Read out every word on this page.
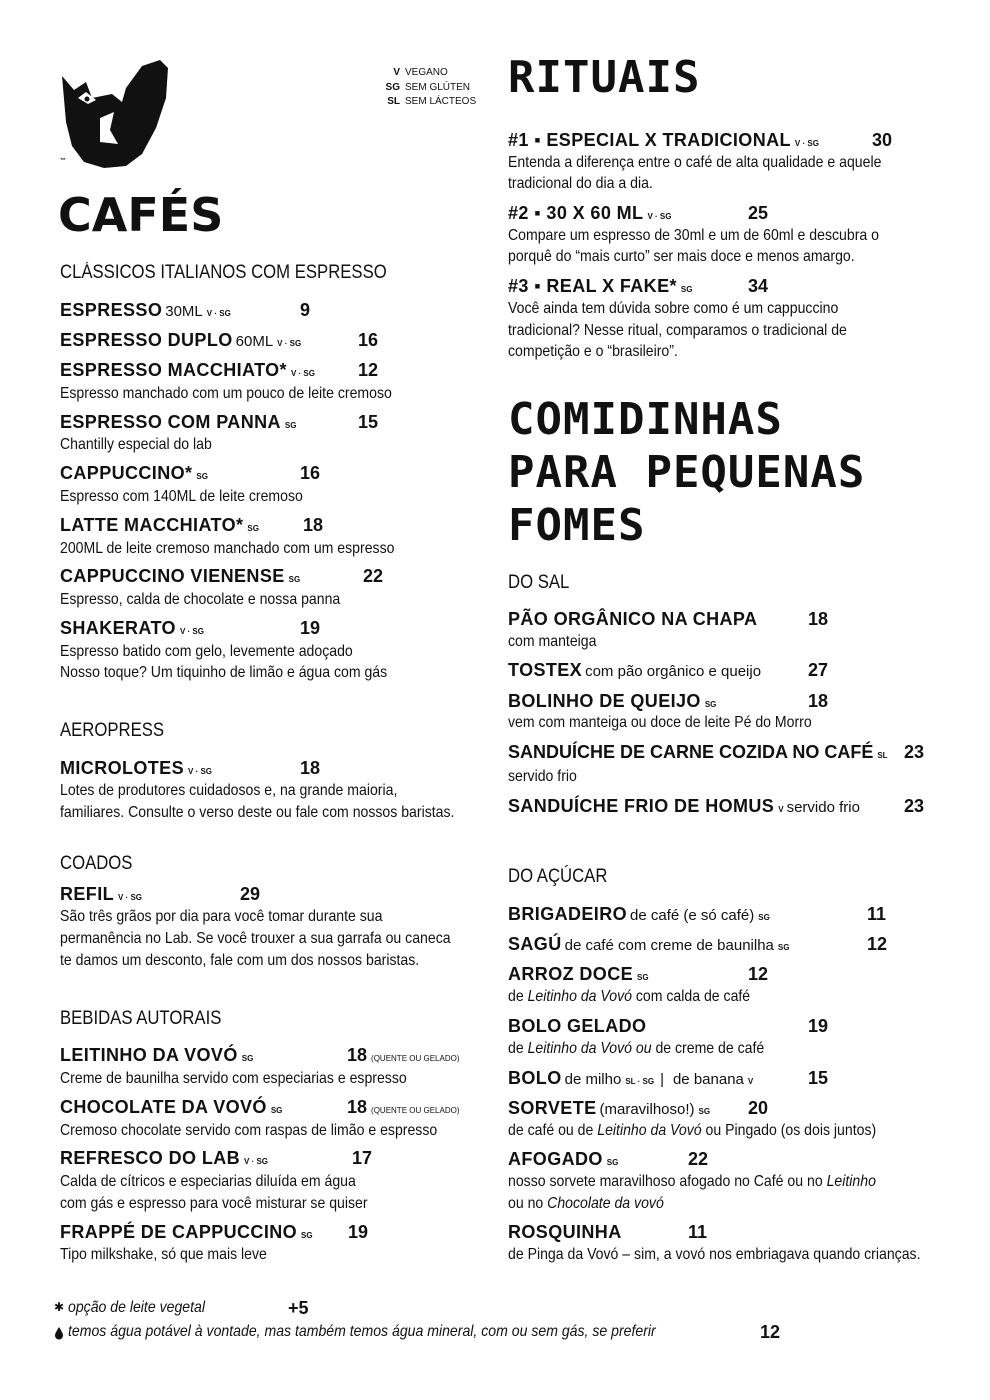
™
V VEGANO
SG SEM GLÚTEN
SL SEM LÁCTEOS
CAFÉS
CLÁSSICOS ITALIANOS COM ESPRESSO
ESPRESSO 30ML V · SG	9
ESPRESSO DUPLO 60ML V · SG	16
ESPRESSO MACCHIATO* V · SG 12
Espresso manchado com um pouco de leite cremoso
ESPRESSO COM PANNA SG	15
Chantilly especial do lab
CAPPUCCINO* SG	16
Espresso com 140ML de leite cremoso
LATTE MACCHIATO* SG 18
200ML de leite cremoso manchado com um espresso
CAPPUCCINO VIENENSE SG	22
Espresso, calda de chocolate e nossa panna
SHAKERATO V · SG	19
Espresso batido com gelo, levemente adoçado
Nosso toque? Um tiquinho de limão e água com gás
AEROPRESS
MICROLOTES V · SG	18
Lotes de produtores cuidadosos e, na grande maioria,
familiares. Consulte o verso deste ou fale com nossos baristas.
COADOS
REFIL V · SG	29
São três grãos por dia para você tomar durante sua
permanência no Lab. Se você trouxer a sua garrafa ou caneca
te damos um desconto, fale com um dos nossos baristas.
BEBIDAS AUTORAIS
LEITINHO DA VOVÓ SG	18 (QUENTE OU GELADO)
Creme de baunilha servido com especiarias e espresso
CHOCOLATE DA VOVÓ SG	18 (QUENTE OU GELADO)
Cremoso chocolate servido com raspas de limão e espresso
REFRESCO DO LAB V · SG	17
Calda de cítricos e especiarias diluída em água
com gás e espresso para você misturar se quiser
FRAPPÉ DE CAPPUCCINO SG 19
Tipo milkshake, só que mais leve
RITUAIS
#1 ▪ ESPECIAL X TRADICIONAL V · SG	30
Entenda a diferença entre o café de alta qualidade e aquele
tradicional do dia a dia.
#2 ▪ 30 X 60 ML V · SG	25
Compare um espresso de 30ml e um de 60ml e descubra o
porquê do “mais curto” ser mais doce e menos amargo.
#3 ▪ REAL X FAKE* SG	34
Você ainda tem dúvida sobre como é um cappuccino
tradicional? Nesse ritual, comparamos o tradicional de
competição e o “brasileiro”.
COMIDINHAS
PARA PEQUENAS
FOMES
DO SAL
PÃO ORGÂNICO NA CHAPA	18
com manteiga
TOSTEX com pão orgânico e queijo	27
BOLINHO DE QUEIJO SG	18
vem com manteiga ou doce de leite Pé do Morro
SANDUÍCHE DE CARNE COZIDA NO CAFÉ SL 23
servido frio
SANDUÍCHE FRIO DE HOMUS V servido frio 23
DO AÇÚCAR
BRIGADEIRO de café (e só café) SG	11
SAGÚ de café com creme de baunilha SG	12
ARROZ DOCE SG	12
de Leitinho da Vovó com calda de café
BOLO GELADO	19
de Leitinho da Vovó ou de creme de café
BOLO de milho SL · SG | de banana V	15
SORVETE (maravilhoso!) SG 20
de café ou de Leitinho da Vovó ou Pingado (os dois juntos)
AFOGADO SG	22
nosso sorvete maravilhoso afogado no Café ou no Leitinho
ou no Chocolate da vovó
ROSQUINHA	11
de Pinga da Vovó – sim, a vovó nos embriagava quando crianças.
✱ opção de leite vegetal	+5
temos água potável à vontade, mas também temos água mineral, com ou sem gás, se preferir	12
